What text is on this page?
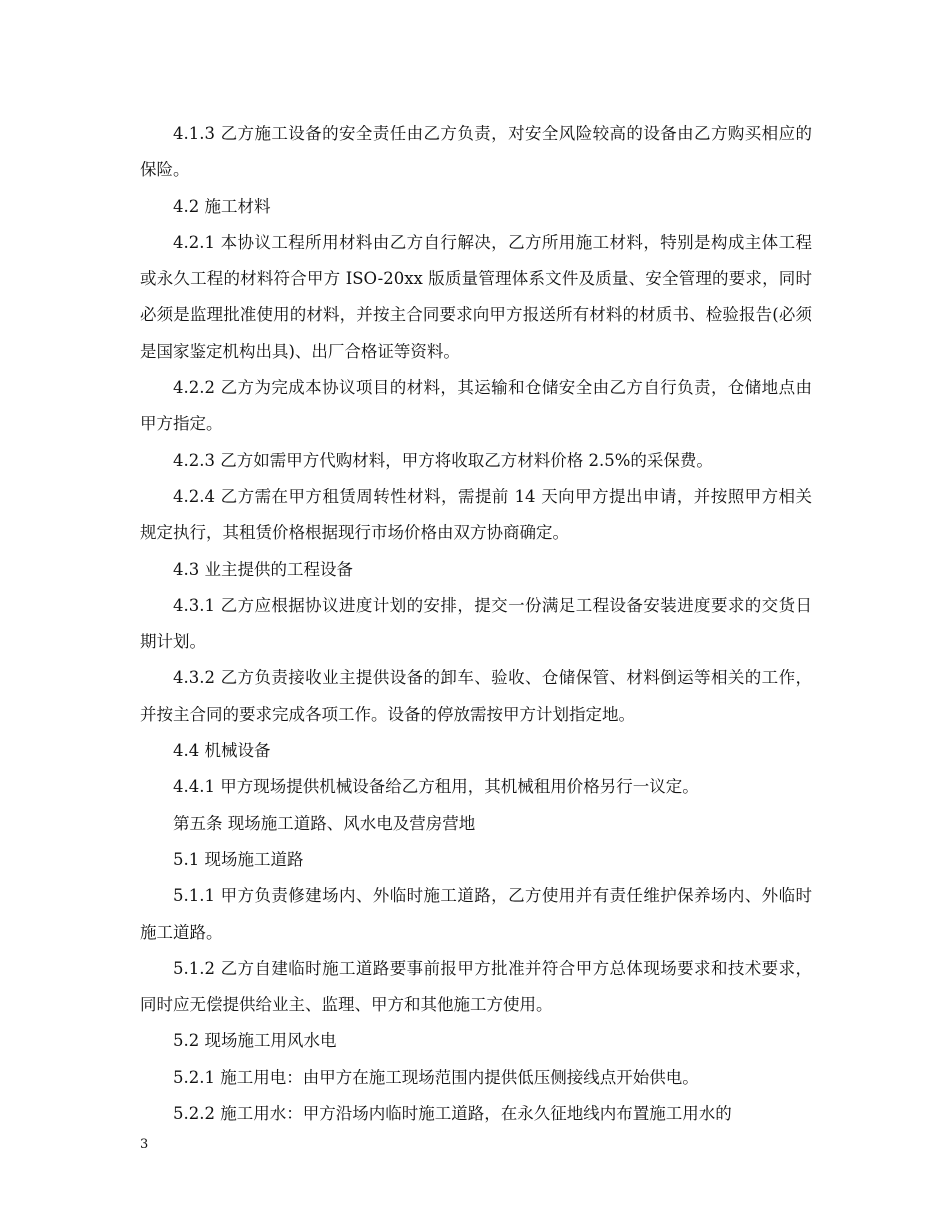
4.1.3 乙方施工设备的安全责任由乙方负责，对安全风险较高的设备由乙方购买相应的保险。

4.2 施工材料

4.2.1 本协议工程所用材料由乙方自行解决，乙方所用施工材料，特别是构成主体工程或永久工程的材料符合甲方 ISO-20xx 版质量管理体系文件及质量、安全管理的要求，同时必须是监理批准使用的材料，并按主合同要求向甲方报送所有材料的材质书、检验报告(必须是国家鉴定机构出具)、出厂合格证等资料。

4.2.2 乙方为完成本协议项目的材料，其运输和仓储安全由乙方自行负责，仓储地点由甲方指定。

4.2.3 乙方如需甲方代购材料，甲方将收取乙方材料价格 2.5%的采保费。

4.2.4 乙方需在甲方租赁周转性材料，需提前 14 天向甲方提出申请，并按照甲方相关规定执行，其租赁价格根据现行市场价格由双方协商确定。

4.3 业主提供的工程设备

4.3.1 乙方应根据协议进度计划的安排，提交一份满足工程设备安装进度要求的交货日期计划。

4.3.2 乙方负责接收业主提供设备的卸车、验收、仓储保管、材料倒运等相关的工作，并按主合同的要求完成各项工作。设备的停放需按甲方计划指定地。

4.4 机械设备

4.4.1 甲方现场提供机械设备给乙方租用，其机械租用价格另行一议定。

第五条 现场施工道路、风水电及营房营地

5.1 现场施工道路

5.1.1 甲方负责修建场内、外临时施工道路，乙方使用并有责任维护保养场内、外临时施工道路。

5.1.2 乙方自建临时施工道路要事前报甲方批准并符合甲方总体现场要求和技术要求，同时应无偿提供给业主、监理、甲方和其他施工方使用。

5.2 现场施工用风水电

5.2.1 施工用电：由甲方在施工现场范围内提供低压侧接线点开始供电。

5.2.2 施工用水：甲方沿场内临时施工道路，在永久征地线内布置施工用水的

3
